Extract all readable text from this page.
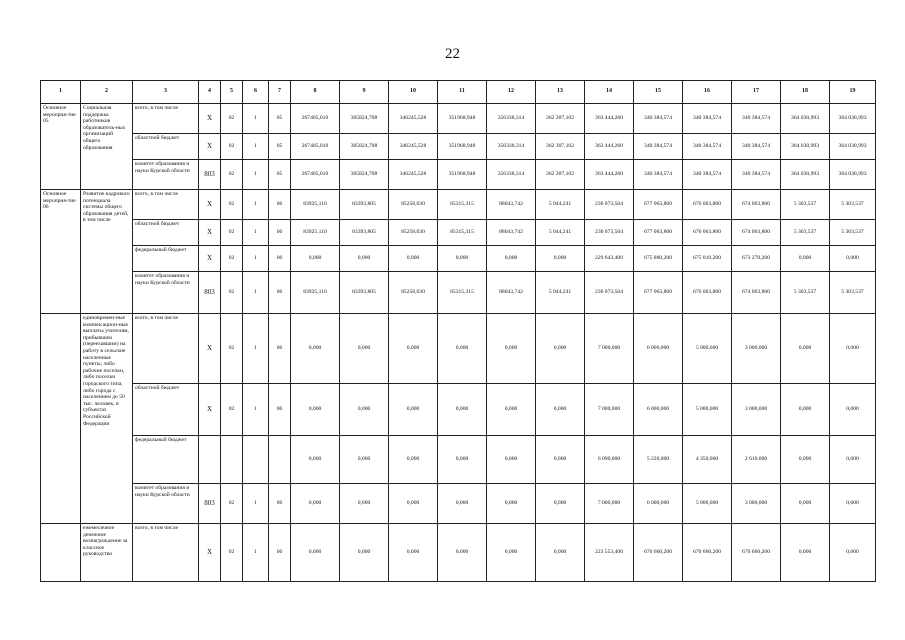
22
1	2	3	4	5	6	7	8	9	10	11	12	13	14	15	16	17	18	19
Основное мероприя-тие 05	Социальная поддержка работников образователь-ных организаций общего образования	всего, в том числе	Х	02	1	05	267405,010	305824,708	346245,528	351968,948	356338,314	362 307,102	363 444,260	340 384,574	340 384,574	340 384,574	364 030,993	364 030,993
		областной бюджет	Х	02	1	05	267405,010	305824,708	346245,528	351968,948	356338,314	362 307,102	363 444,260	340 384,574	340 384,574	340 384,574	364 030,993	364 030,993
		комитет образования и науки Курской области	803	02	1	05	267405,010	305824,708	346245,528	351968,948	356338,314	362 307,102	363 444,260	340 384,574	340 384,574	340 384,574	364 030,993	364 030,993
Основное мероприя-тие 06	Развитие кадрового потенциала системы общего образования детей, в том числе	всего, в том числе	Х	02	1	06	83925,110	83393,805	85258,030	85315,315	88043,742	5 044,241	236 073,504	677 063,800	676 063,800	674 063,800	5 303,537	5 303,537
		областной бюджет	Х	02	1	06	83925,110	83393,805	85258,030	85315,315	88043,742	5 044,241	236 073,504	677 063,800	676 063,800	674 063,800	5 303,537	5 303,537
		федеральный бюджет	Х	02	1	06	0,000	0,000	0,000	0,000	0,000	0,000	229 643,400	675 880,200	675 010,200	673 270,200	0,000	0,000
		комитет образования и науки Курской области	803	02	1	06	83925,110	83393,805	85258,030	85315,315	88043,742	5 044,241	236 073,504	677 063,800	676 063,800	674 063,800	5 303,537	5 303,537
	единовремен-ные компенсацион-ные выплаты учителям, прибывшим (переехавшим) на работу в сельские населенные пункты, либо рабочие поселки, либо поселки городского типа, либо города с населением до 50 тыс. человек, в субъектах Российской Федерации	всего, в том числе	Х	02	1	06	0,000	0,000	0,000	0,000	0,000	0,000	7 000,000	6 000,000	5 000,000	3 000,000	0,000	0,000
		областной бюджет	Х	02	1	06	0,000	0,000	0,000	0,000	0,000	0,000	7 000,000	6 000,000	5 000,000	3 000,000	0,000	0,000
		федеральный бюджет					0,000	0,000	0,000	0,000	0,000	0,000	6 090,000	5 220,000	4 350,000	2 610,000	0,000	0,000
		комитет образования и науки Курской области	803	02	1	06	0,000	0,000	0,000	0,000	0,000	0,000	7 000,000	6 000,000	5 000,000	3 000,000	0,000	0,000
	ежемесячное денежное вознаграждение за классное руководство	всего, в том числе	Х	02	1	06	0,000	0,000	0,000	0,000	0,000	0,000	223 553,400	670 660,200	670 660,200	670 660,200	0,000	0,000
